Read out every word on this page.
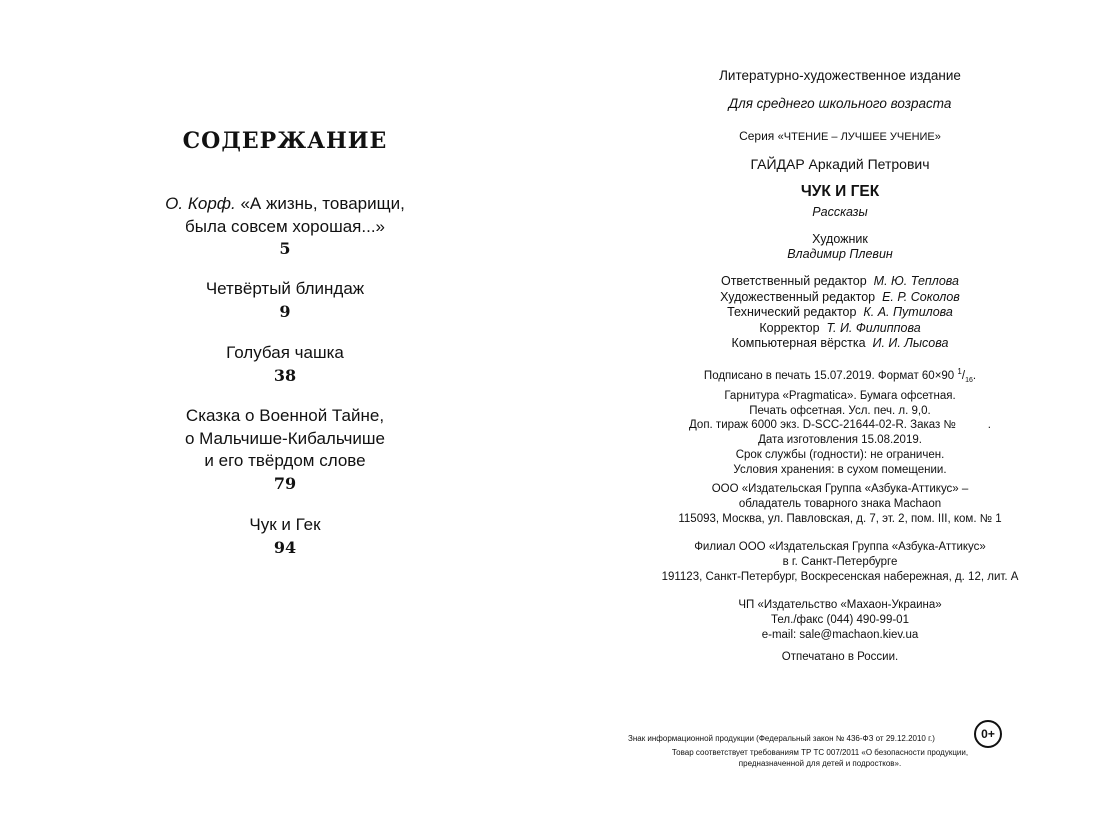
СОДЕРЖАНИЕ
О. Корф. «А жизнь, товарищи,
была совсем хорошая...»
5
Четвёртый блиндаж
9
Голубая чашка
38
Сказка о Военной Тайне,
о Мальчише-Кибальчише
и его твёрдом слове
79
Чук и Гек
94
Литературно-художественное издание
Для среднего школьного возраста
Серия «ЧТЕНИЕ – ЛУЧШЕЕ УЧЕНИЕ»
ГАЙДАР Аркадий Петрович
ЧУК И ГЕК
Рассказы
Художник
Владимир Плевин
Ответственный редактор М. Ю. Теплова
Художественный редактор Е. Р. Соколов
Технический редактор К. А. Путилова
Корректор Т. И. Филиппова
Компьютерная вёрстка И. И. Лысова
Подписано в печать 15.07.2019. Формат 60×90 $^1/_{16}$.
Гарнитура «Pragmatica». Бумага офсетная.
Печать офсетная. Усл. печ. л. 9,0.
Доп. тираж 6000 экз. D-SCC-21644-02-R. Заказ №          .
Дата изготовления 15.08.2019.
Срок службы (годности): не ограничен.
Условия хранения: в сухом помещении.
ООО «Издательская Группа «Азбука-Аттикус» –
обладатель товарного знака Machaon
115093, Москва, ул. Павловская, д. 7, эт. 2, пом. III, ком. № 1
Филиал ООО «Издательская Группа «Азбука-Аттикус»
в г. Санкт-Петербурге
191123, Санкт-Петербург, Воскресенская набережная, д. 12, лит. А
ЧП «Издательство «Махаон-Украина»
Тел./факс (044) 490-99-01
e-mail: sale@machaon.kiev.ua
Отпечатано в России.
Знак информационной продукции (Федеральный закон № 436-ФЗ от 29.12.2010 г.)	0+
Товар соответствует требованиям ТР ТС 007/2011 «О безопасности продукции,
предназначенной для детей и подростков».
